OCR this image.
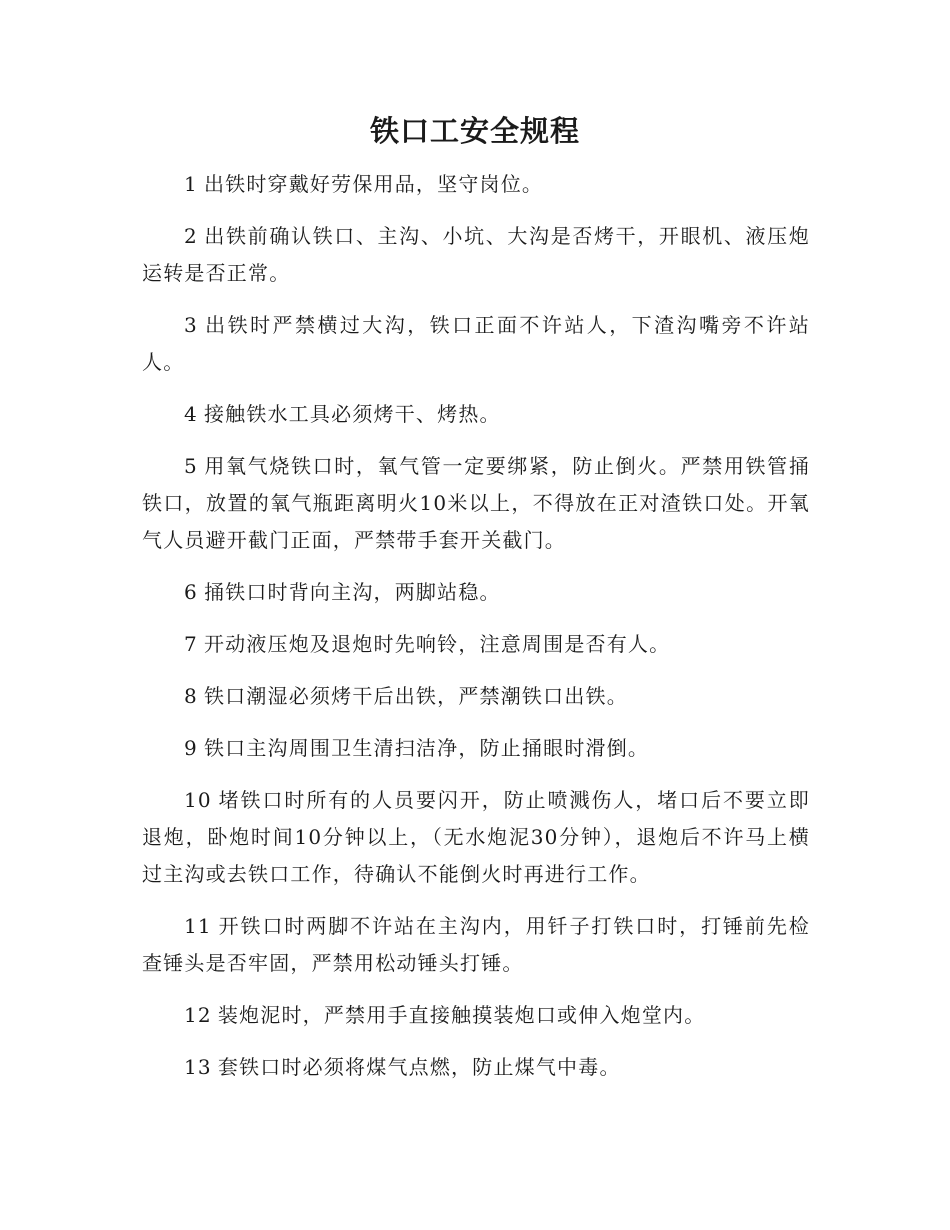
铁口工安全规程

1 出铁时穿戴好劳保用品，坚守岗位。

2 出铁前确认铁口、主沟、小坑、大沟是否烤干，开眼机、液压炮运转是否正常。

3 出铁时严禁横过大沟，铁口正面不许站人，下渣沟嘴旁不许站人。

4 接触铁水工具必须烤干、烤热。

5 用氧气烧铁口时，氧气管一定要绑紧，防止倒火。严禁用铁管捅铁口，放置的氧气瓶距离明火10米以上，不得放在正对渣铁口处。开氧气人员避开截门正面，严禁带手套开关截门。

6 捅铁口时背向主沟，两脚站稳。

7 开动液压炮及退炮时先响铃，注意周围是否有人。

8 铁口潮湿必须烤干后出铁，严禁潮铁口出铁。

9 铁口主沟周围卫生清扫洁净，防止捅眼时滑倒。

10 堵铁口时所有的人员要闪开，防止喷溅伤人，堵口后不要立即退炮，卧炮时间10分钟以上，（无水炮泥30分钟），退炮后不许马上横过主沟或去铁口工作，待确认不能倒火时再进行工作。

11 开铁口时两脚不许站在主沟内，用钎子打铁口时，打锤前先检查锤头是否牢固，严禁用松动锤头打锤。

12 装炮泥时，严禁用手直接触摸装炮口或伸入炮堂内。

13 套铁口时必须将煤气点燃，防止煤气中毒。
